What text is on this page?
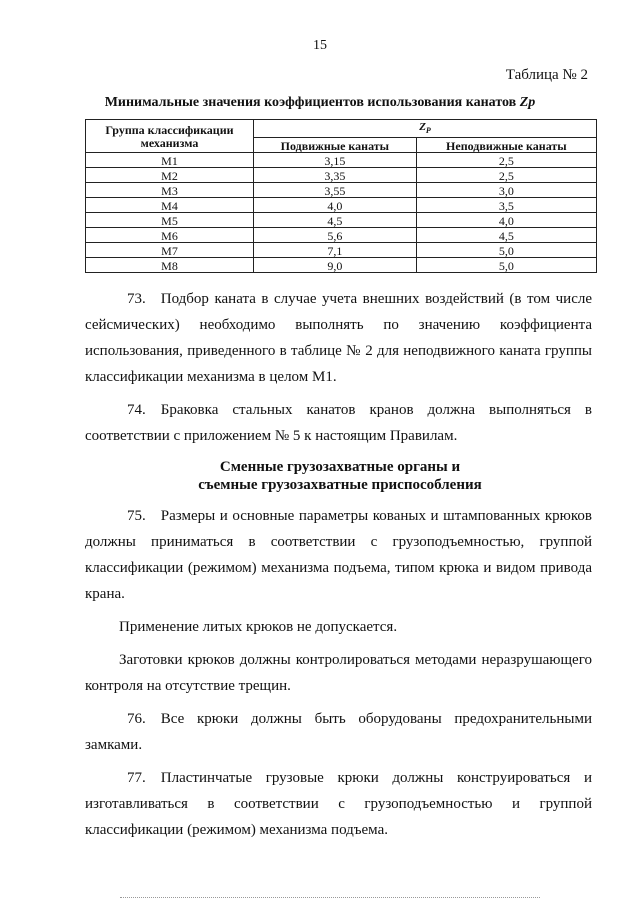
15
Таблица № 2
Минимальные значения коэффициентов использования канатов Zp
Группа классификации механизма	$Z_P$
	Подвижные канаты	Неподвижные канаты
M1	3,15	2,5
M2	3,35	2,5
M3	3,55	3,0
M4	4,0	3,5
M5	4,5	4,0
M6	5,6	4,5
M7	7,1	5,0
M8	9,0	5,0

73. Подбор каната в случае учета внешних воздействий (в том числе сейсмических) необходимо выполнять по значению коэффициента использования, приведенного в таблице № 2 для неподвижного каната группы классификации механизма в целом M1.

74. Браковка стальных канатов кранов должна выполняться в соответствии с приложением № 5 к настоящим Правилам.

Сменные грузозахватные органы и
съемные грузозахватные приспособления

75. Размеры и основные параметры кованых и штампованных крюков должны приниматься в соответствии с грузоподъемностью, группой классификации (режимом) механизма подъема, типом крюка и видом привода крана.

Применение литых крюков не допускается.

Заготовки крюков должны контролироваться методами неразрушающего контроля на отсутствие трещин.

76. Все крюки должны быть оборудованы предохранительными замками.

77. Пластинчатые грузовые крюки должны конструироваться и изготавливаться в соответствии с грузоподъемностью и группой классификации (режимом) механизма подъема.
